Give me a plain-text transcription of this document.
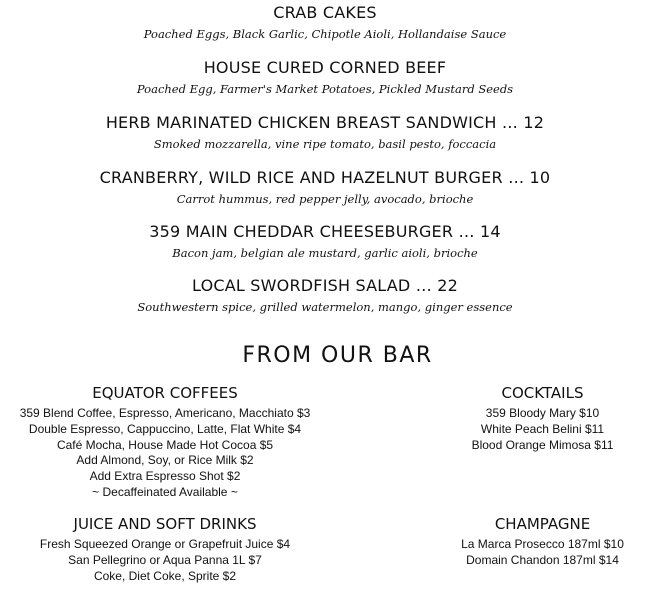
CRAB CAKES
Poached Eggs, Black Garlic, Chipotle Aioli, Hollandaise Sauce
HOUSE CURED CORNED BEEF
Poached Egg, Farmer's Market Potatoes, Pickled Mustard Seeds
HERB MARINATED CHICKEN BREAST SANDWICH … 12
Smoked mozzarella, vine ripe tomato, basil pesto, foccacia
CRANBERRY, WILD RICE AND HAZELNUT BURGER … 10
Carrot hummus, red pepper jelly, avocado, brioche
359 MAIN CHEDDAR CHEESEBURGER … 14
Bacon jam, belgian ale mustard, garlic aioli, brioche
LOCAL SWORDFISH SALAD … 22
Southwestern spice, grilled watermelon, mango, ginger essence
FROM OUR BAR
EQUATOR COFFEES
359 Blend Coffee, Espresso, Americano, Macchiato $3
Double Espresso, Cappuccino, Latte, Flat White $4
Café Mocha, House Made Hot Cocoa $5
Add Almond, Soy, or Rice Milk $2
Add Extra Espresso Shot $2
~ Decaffeinated Available ~
COCKTAILS
359 Bloody Mary $10
White Peach Belini $11
Blood Orange Mimosa $11
JUICE AND SOFT DRINKS
Fresh Squeezed Orange or Grapefruit Juice $4
San Pellegrino or Aqua Panna 1L $7
Coke, Diet Coke, Sprite $2
CHAMPAGNE
La Marca Prosecco 187ml $10
Domain Chandon 187ml $14
